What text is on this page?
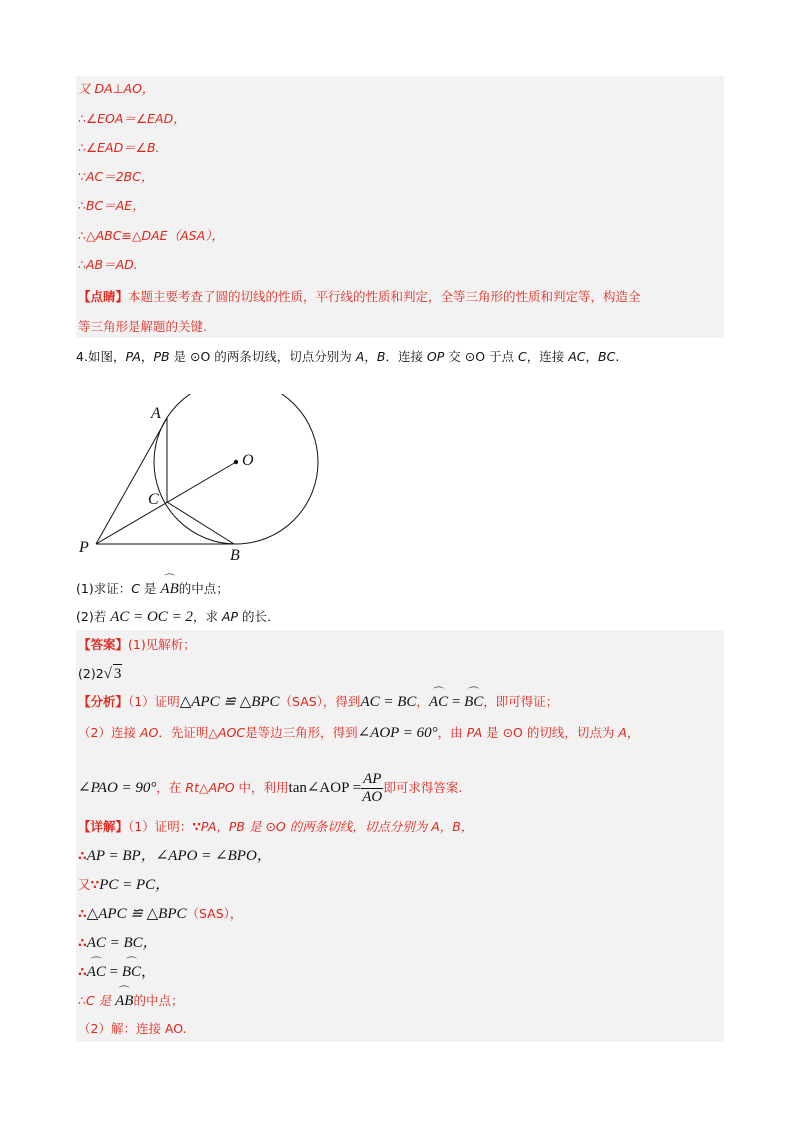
又 DA⊥AO，
∴∠EOA＝∠EAD，
∴∠EAD＝∠B.
∵AC＝2BC，
∴BC＝AE，
∴△ABC≌△DAE（ASA），
∴AB＝AD.
【点睛】本题主要考查了圆的切线的性质，平行线的性质和判定，全等三角形的性质和判定等，构造全
等三角形是解题的关键.
4.如图，PA，PB 是 ⊙O 的两条切线，切点分别为 A，B．连接 OP 交 ⊙O 于点 C，连接 AC，BC.
A
O
C
P	B
(1)求证：C 是 ⌒ AB的中点；
(2)若 AC = OC = 2，求 AP 的长.
【答案】(1)见解析；
(2)2√ 3
【分析】（1）证明△APC ≌ △BPC（SAS），得到AC = BC，⌒ AC = ⌒ BC，即可得证；
（2）连接 AO．先证明△AOC是等边三角形，得到∠AOP = 60°，由 PA 是 ⊙O 的切线，切点为 A，
∠PAO = 90°，在 Rt△APO 中，利用tan∠AOP = $\frac{AP}{AO}$ 即可求得答案.
【详解】（1）证明：∵PA，PB 是 ⊙O 的两条切线，切点分别为 A，B，
∴AP = BP，∠APO = ∠BPO，
又∵PC = PC，
∴△APC ≌ △BPC（SAS），
∴AC = BC，
∴⌒ AC = ⌒ BC，
∴C 是 ⌒ AB的中点；
（2）解：连接 AO.
